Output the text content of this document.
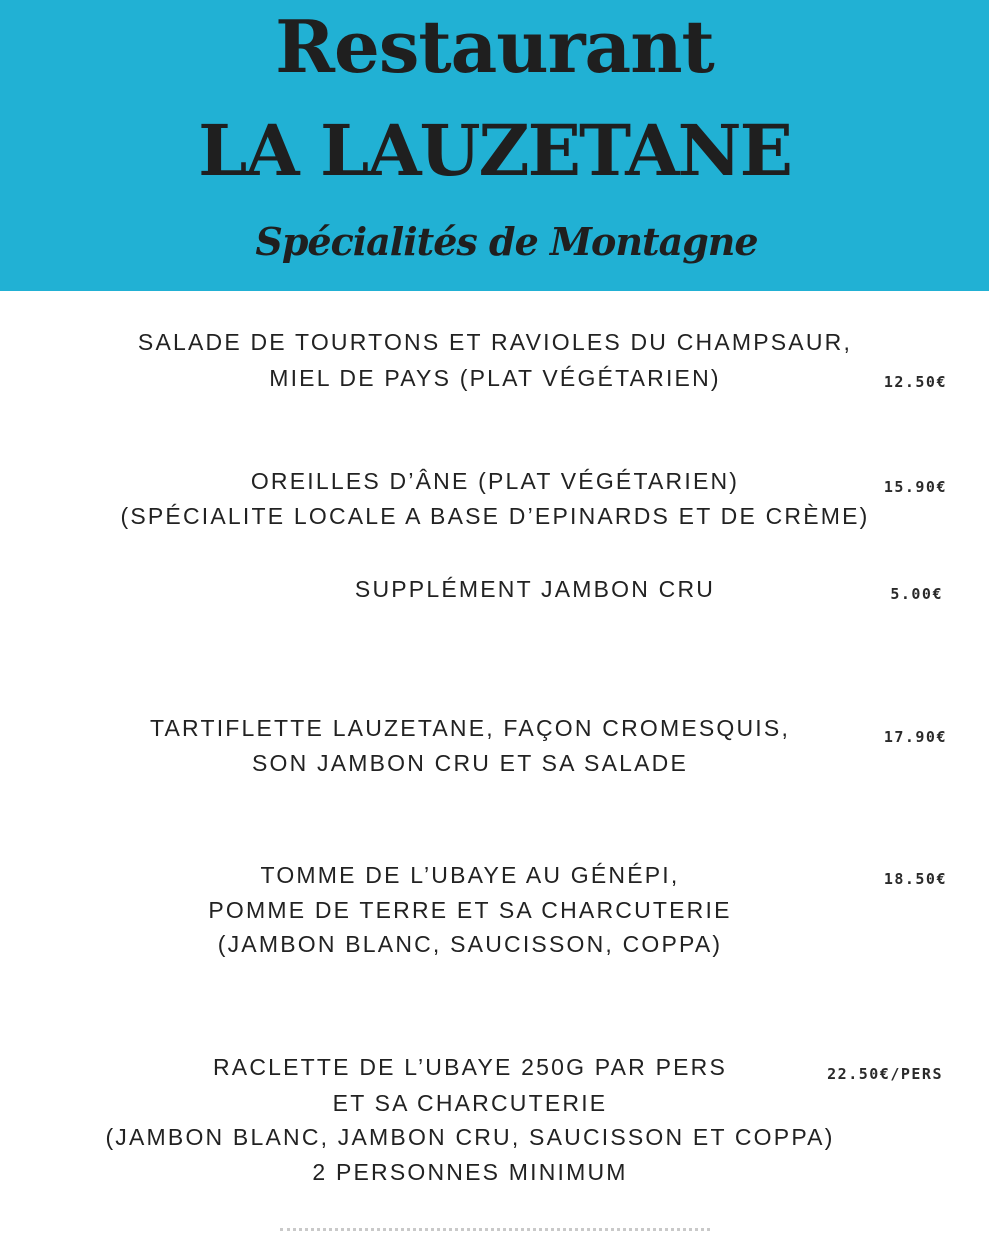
Restaurant
LA LAUZETANE
Spécialités de Montagne
SALADE DE TOURTONS ET RAVIOLES DU CHAMPSAUR,
MIEL DE PAYS (PLAT VÉGÉTARIEN)	12.50€
OREILLES D’ÂNE (PLAT VÉGÉTARIEN)
(SPÉCIALITE LOCALE A BASE D’EPINARDS ET DE CRÈME)
15.90€
SUPPLÉMENT JAMBON CRU	5.00€
TARTIFLETTE LAUZETANE, FAÇON CROMESQUIS,
SON JAMBON CRU ET SA SALADE
17.90€
TOMME DE L’UBAYE AU GÉNÉPI,
POMME DE TERRE ET SA CHARCUTERIE
(JAMBON BLANC, SAUCISSON, COPPA)
18.50€
RACLETTE DE L’UBAYE 250G PAR PERS
ET SA CHARCUTERIE
(JAMBON BLANC, JAMBON CRU, SAUCISSON ET COPPA)
2 PERSONNES MINIMUM
22.50€/PERS
